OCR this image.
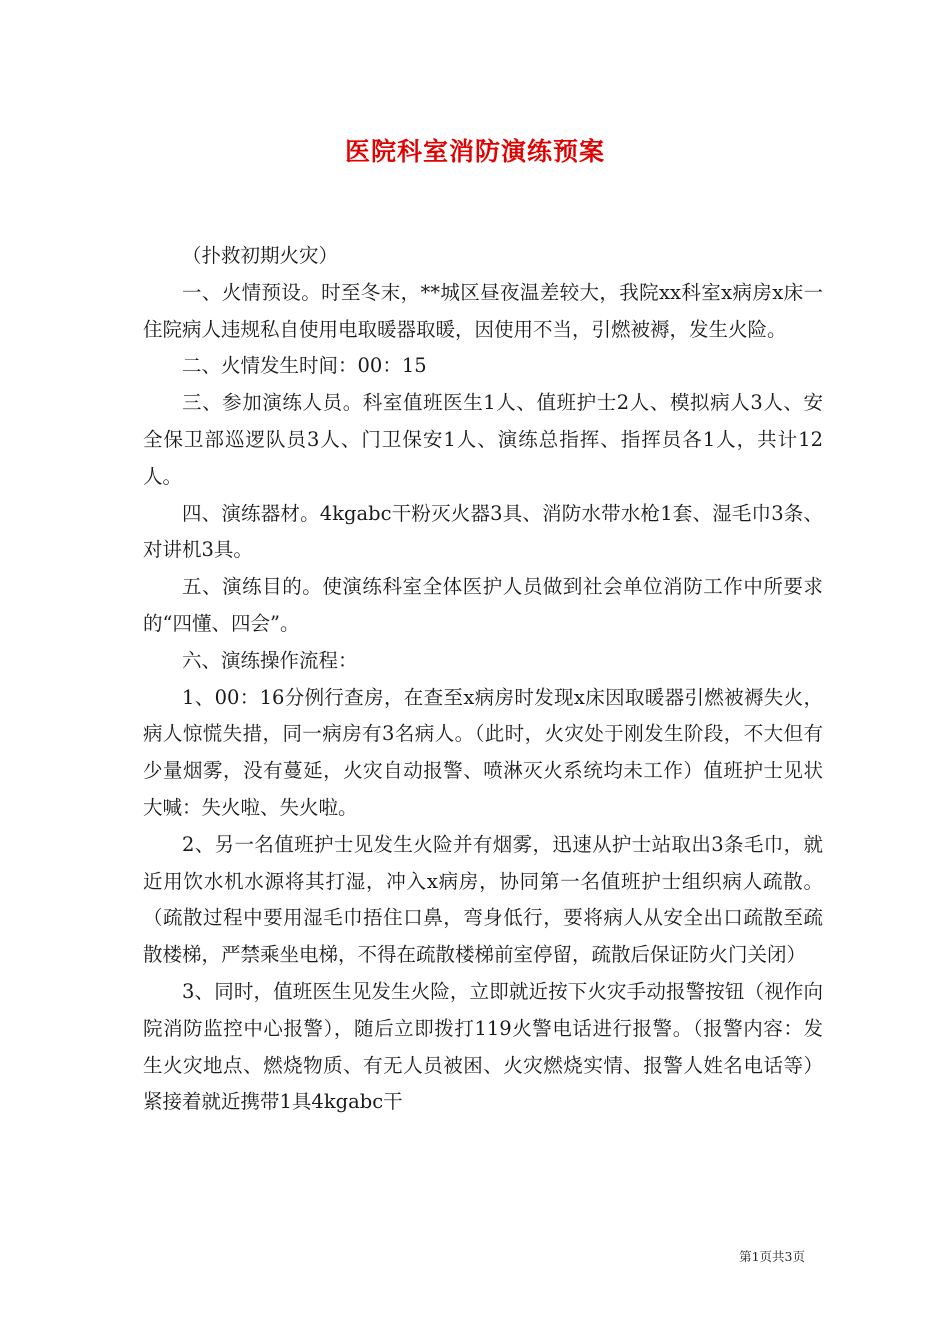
医院科室消防演练预案

（扑救初期火灾）

一、火情预设。时至冬末，**城区昼夜温差较大，我院xx科室x病房x床一住院病人违规私自使用电取暖器取暖，因使用不当，引燃被褥，发生火险。

二、火情发生时间：00：15

三、参加演练人员。科室值班医生1人、值班护士2人、模拟病人3人、安全保卫部巡逻队员3人、门卫保安1人、演练总指挥、指挥员各1人，共计12人。

四、演练器材。4kgabc干粉灭火器3具、消防水带水枪1套、湿毛巾3条、对讲机3具。

五、演练目的。使演练科室全体医护人员做到社会单位消防工作中所要求的“四懂、四会”。

六、演练操作流程：

1、00：16分例行查房，在查至x病房时发现x床因取暖器引燃被褥失火，病人惊慌失措，同一病房有3名病人。（此时，火灾处于刚发生阶段，不大但有少量烟雾，没有蔓延，火灾自动报警、喷淋灭火系统均未工作）值班护士见状大喊：失火啦、失火啦。

2、另一名值班护士见发生火险并有烟雾，迅速从护士站取出3条毛巾，就近用饮水机水源将其打湿，冲入x病房，协同第一名值班护士组织病人疏散。（疏散过程中要用湿毛巾捂住口鼻，弯身低行，要将病人从安全出口疏散至疏散楼梯，严禁乘坐电梯，不得在疏散楼梯前室停留，疏散后保证防火门关闭）

3、同时，值班医生见发生火险，立即就近按下火灾手动报警按钮（视作向院消防监控中心报警），随后立即拨打119火警电话进行报警。（报警内容：发生火灾地点、燃烧物质、有无人员被困、火灾燃烧实情、报警人姓名电话等）紧接着就近携带1具4kgabc干

第1页共3页
